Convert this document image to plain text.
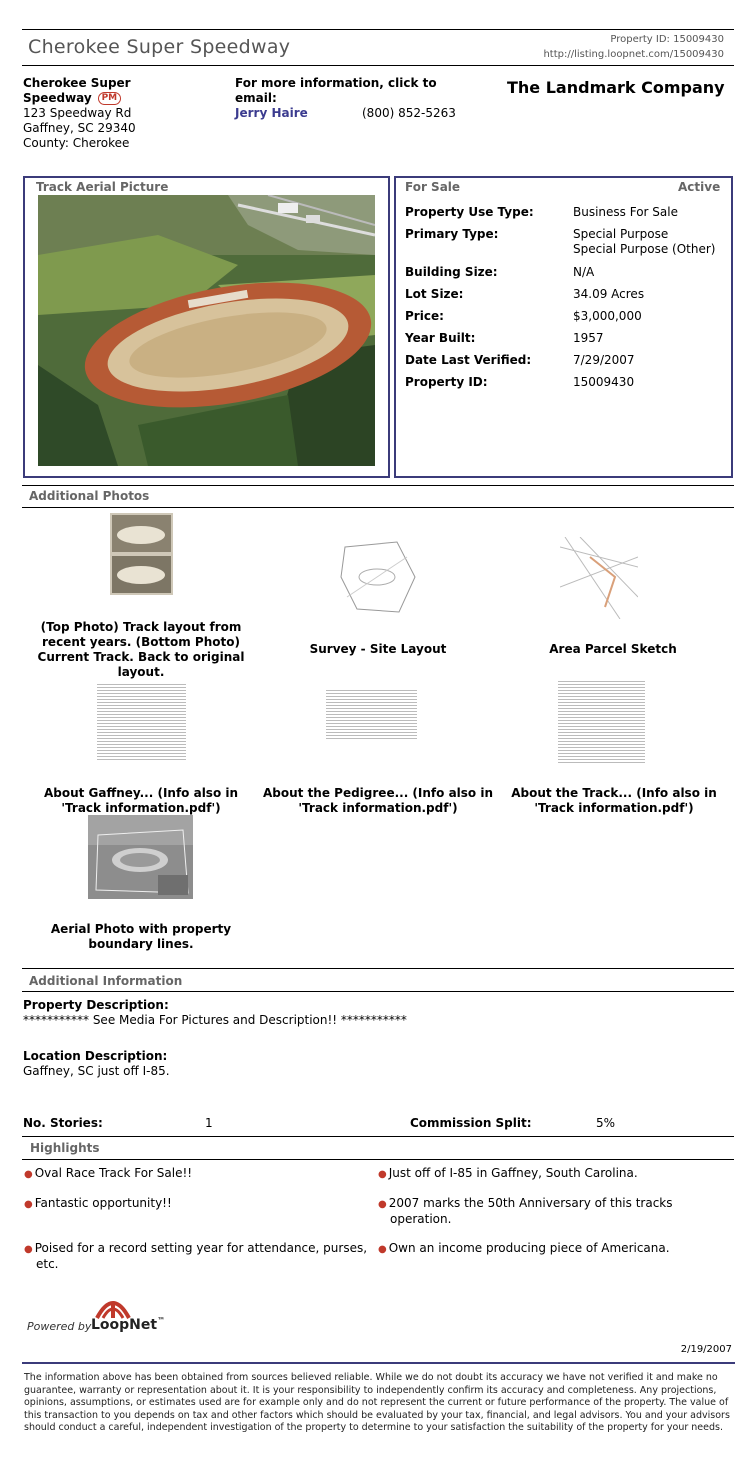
Cherokee Super Speedway	Property ID: 15009430
http://listing.loopnet.com/15009430
Cherokee Super
Speedway PM
123 Speedway Rd
Gaffney, SC 29340
County: Cherokee
For more information, click to
email:
Jerry Haire	(800) 852-5263
The Landmark Company
Track Aerial Picture	For Sale	Active
Property Use Type:	Business For Sale
Primary Type:	Special Purpose
Special Purpose (Other)
Building Size:	N/A
Lot Size:	34.09 Acres
Price:	$3,000,000
Year Built:	1957
Date Last Verified:	7/29/2007
Property ID:	15009430
Additional Photos
(Top Photo) Track layout from recent years. (Bottom Photo) Current Track. Back to original layout.
Survey - Site Layout	Area Parcel Sketch
About Gaffney... (Info also in 'Track information.pdf')
About the Pedigree... (Info also in 'Track information.pdf')
About the Track... (Info also in 'Track information.pdf')
Aerial Photo with property boundary lines.
Additional Information
Property Description:
*********** See Media For Pictures and Description!! ***********
Location Description:
Gaffney, SC just off I-85.
No. Stories:	1	Commission Split:	5%
Highlights
● Oval Race Track For Sale!!	● Just off of I-85 in Gaffney, South Carolina.
● Fantastic opportunity!!	● 2007 marks the 50th Anniversary of this tracks operation.
● Poised for a record setting year for attendance, purses, etc.
● Own an income producing piece of Americana.
Powered by LoopNet™
2/19/2007
The information above has been obtained from sources believed reliable. While we do not doubt its accuracy we have not verified it and make no guarantee, warranty or representation about it. It is your responsibility to independently confirm its accuracy and completeness. Any projections, opinions, assumptions, or estimates used are for example only and do not represent the current or future performance of the property. The value of this transaction to you depends on tax and other factors which should be evaluated by your tax, financial, and legal advisors. You and your advisors should conduct a careful, independent investigation of the property to determine to your satisfaction the suitability of the property for your needs.
